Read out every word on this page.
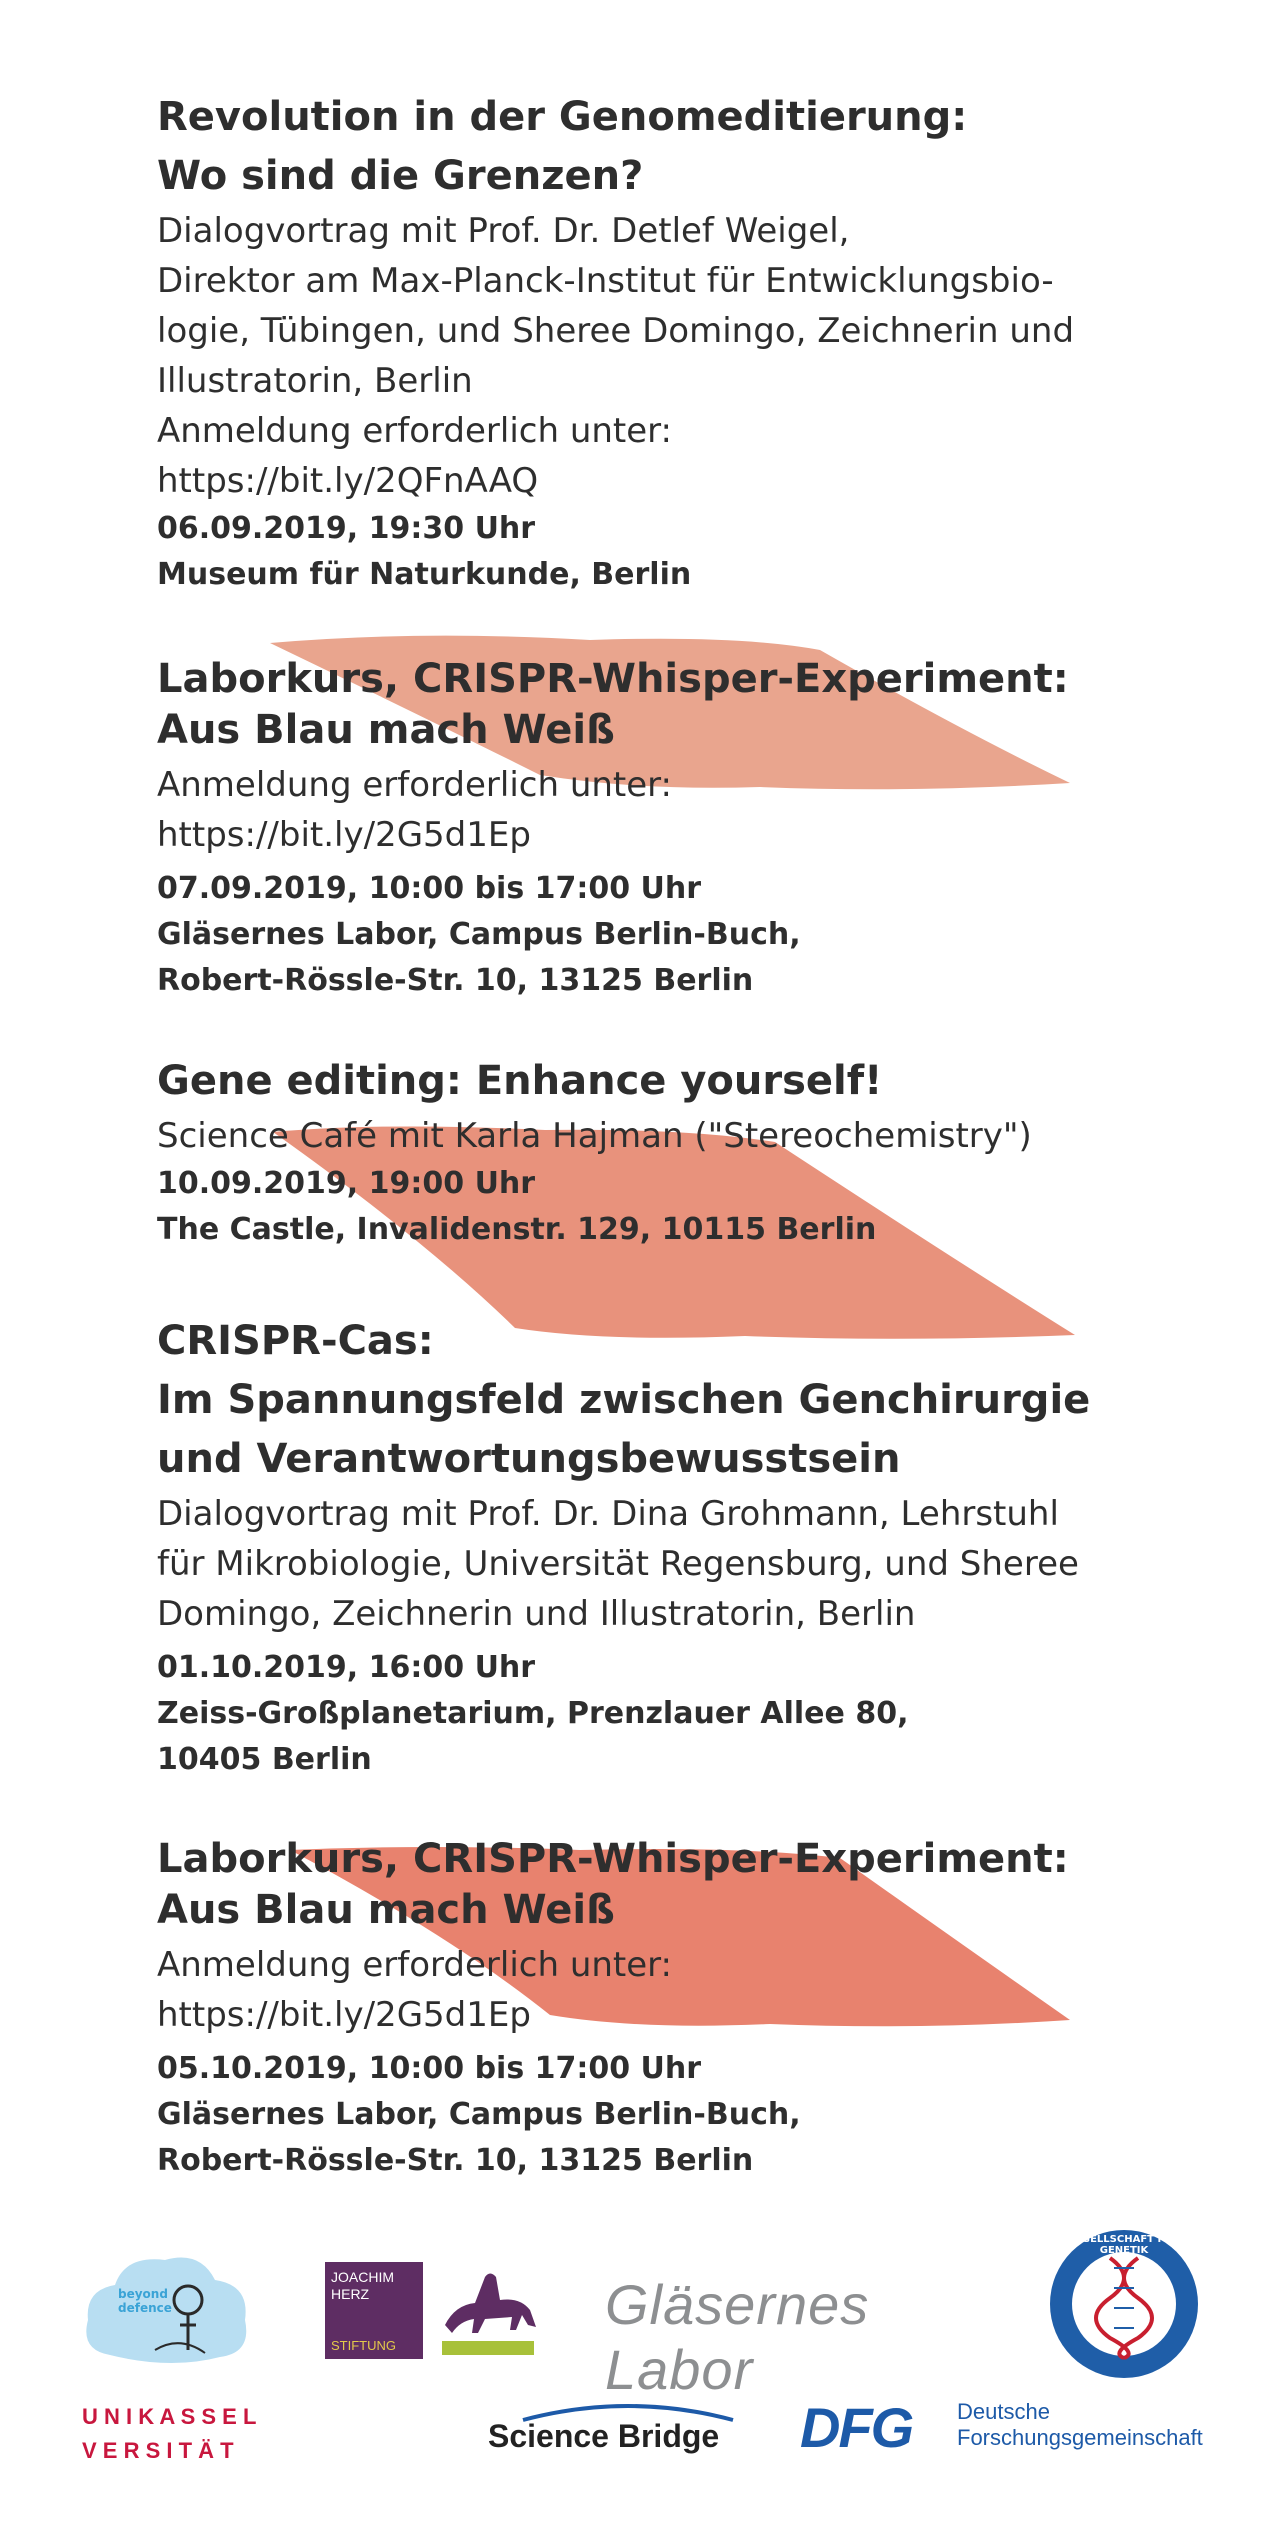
Revolution in der Genomeditierung:
Wo sind die Grenzen?
Dialogvortrag mit Prof. Dr. Detlef Weigel,
Direktor am Max-Planck-Institut für Entwicklungsbio-
logie, Tübingen, und Sheree Domingo, Zeichnerin und
Illustratorin, Berlin
Anmeldung erforderlich unter:
https://bit.ly/2QFnAAQ
06.09.2019, 19:30 Uhr
Museum für Naturkunde, Berlin
Laborkurs, CRISPR-Whisper-Experiment:
Aus Blau mach Weiß
Anmeldung erforderlich unter:
https://bit.ly/2G5d1Ep
07.09.2019, 10:00 bis 17:00 Uhr
Gläsernes Labor, Campus Berlin-Buch,
Robert-Rössle-Str. 10, 13125 Berlin
Gene editing: Enhance yourself!
Science Café mit Karla Hajman ("Stereochemistry")
10.09.2019, 19:00 Uhr
The Castle, Invalidenstr. 129, 10115 Berlin
CRISPR-Cas:
Im Spannungsfeld zwischen Genchirurgie
und Verantwortungsbewusstsein
Dialogvortrag mit Prof. Dr. Dina Grohmann, Lehrstuhl
für Mikrobiologie, Universität Regensburg, und Sheree
Domingo, Zeichnerin und Illustratorin, Berlin
01.10.2019, 16:00 Uhr
Zeiss-Großplanetarium, Prenzlauer Allee 80,
10405 Berlin
Laborkurs, CRISPR-Whisper-Experiment:
Aus Blau mach Weiß
Anmeldung erforderlich unter:
https://bit.ly/2G5d1Ep
05.10.2019, 10:00 bis 17:00 Uhr
Gläsernes Labor, Campus Berlin-Buch,
Robert-Rössle-Str. 10, 13125 Berlin
beyond
defence
JOACHIM
HERZ
STIFTUNG
Gläsernes Labor
GESELLSCHAFT FÜR GENETIK
U N I K A S S E L
V E R S I T Ä T	Science Bridge DFG Deutsche
Forschungsgemeinschaft
